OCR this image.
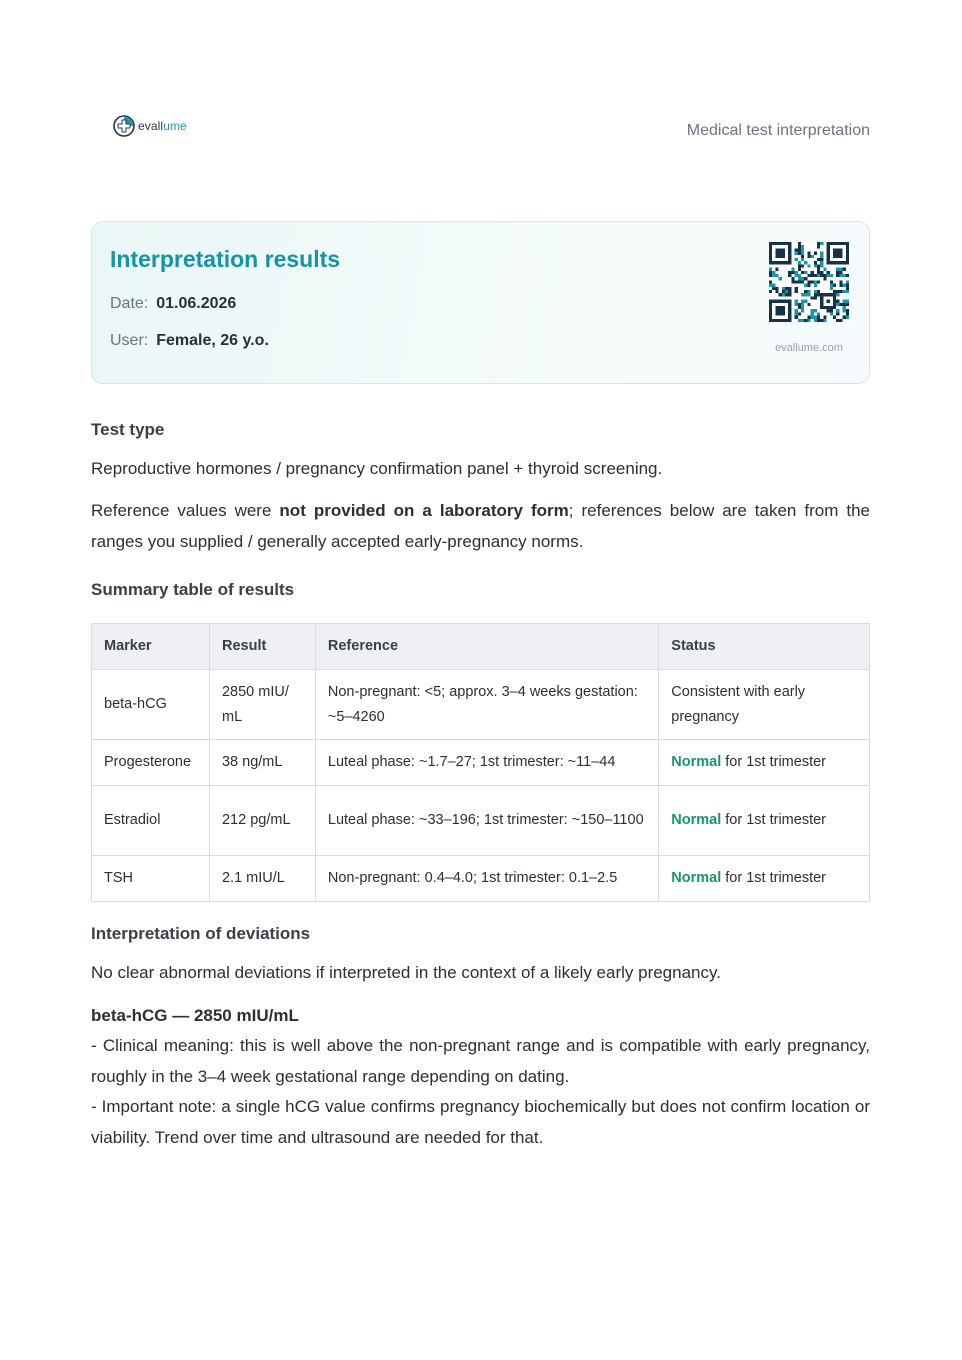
evallume	Medical test interpretation
Interpretation results
Date: 01.06.2026
User: Female, 26 y.o.	evallume.com
Test type

Reproductive hormones / pregnancy confirmation panel + thyroid screening.

Reference values were not provided on a laboratory form; references below are taken from the ranges you supplied / generally accepted early-pregnancy norms.

Summary table of results
Marker	Result	Reference	Status
beta-hCG	2850 mIU/ mL	Non-pregnant: <5; approx. 3–4 weeks gestation: ~5–4260	Consistent with early pregnancy
Progesterone	38 ng/mL	Luteal phase: ~1.7–27; 1st trimester: ~11–44	Normal for 1st trimester
Estradiol	212 pg/mL	Luteal phase: ~33–196; 1st trimester: ~150–1100	Normal for 1st trimester
TSH	2.1 mIU/L	Non-pregnant: 0.4–4.0; 1st trimester: 0.1–2.5	Normal for 1st trimester
Interpretation of deviations

No clear abnormal deviations if interpreted in the context of a likely early pregnancy.

beta-hCG — 2850 mIU/mL

- Clinical meaning: this is well above the non-pregnant range and is compatible with early pregnancy, roughly in the 3–4 week gestational range depending on dating.

- Important note: a single hCG value confirms pregnancy biochemically but does not confirm location or viability. Trend over time and ultrasound are needed for that.
